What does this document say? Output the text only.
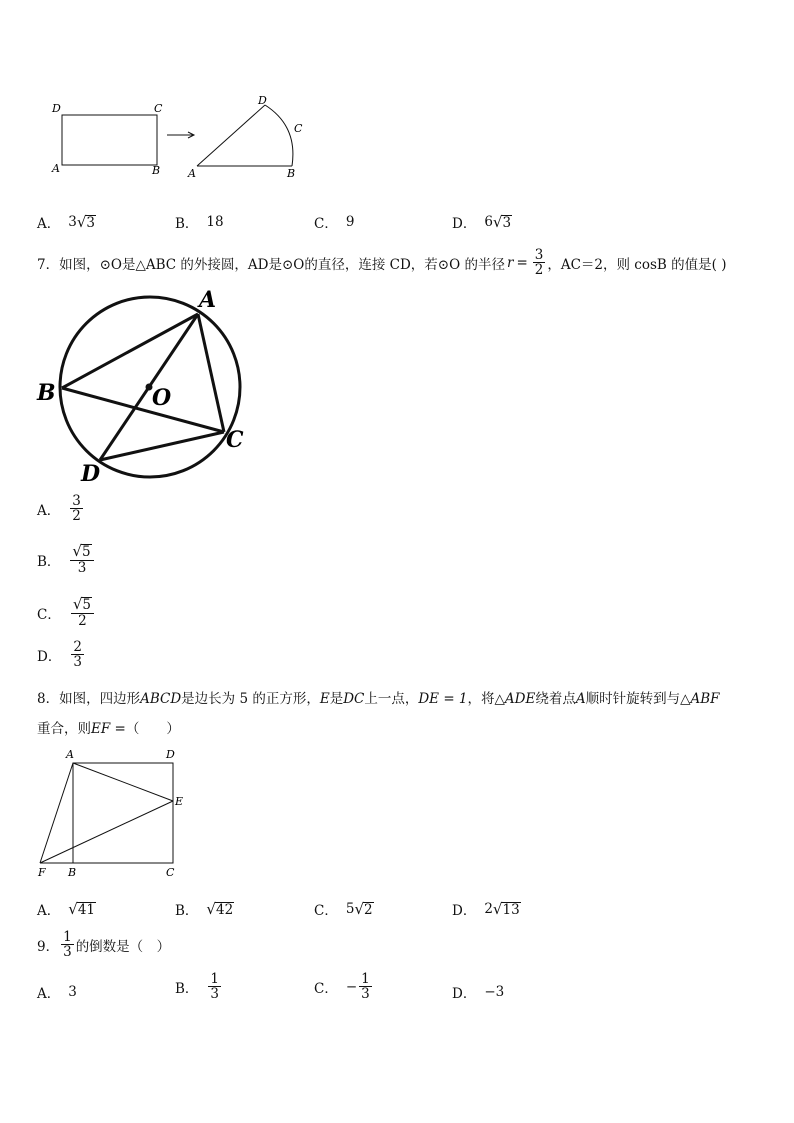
D	C
A	B
D
C
A	B
A． 3 √ 3	B． 18	C． 9	D． 6 √ 3
7．如图，⊙O是△ABC 的外接圆，AD是⊙O的直径，连接 CD，若⊙O 的半径 $r = \frac{3}{2}$ ，AC＝2，则 cosB 的值是( )
A
B	O
C
D
A． $\frac{3}{2}$
B． $\frac{√ 5}{3}$
C． $\frac{√ 5}{2}$
D． $\frac{2}{3}$
8．如图，四边形ABCD是边长为 5 的正方形，E是DC上一点，DE = 1，将△ADE绕着点A顺时针旋转到与△ABF
重合，则EF =（　　）
A	D
E
F B	C
A． √ 41	B． √ 42	C． 5 √ 2	D． 2 √ 13
9． $\frac{1}{3}$ 的倒数是（　）
A． 3	B． $\frac{1}{3}$	C． − $\frac{1}{3}$	D． −3
